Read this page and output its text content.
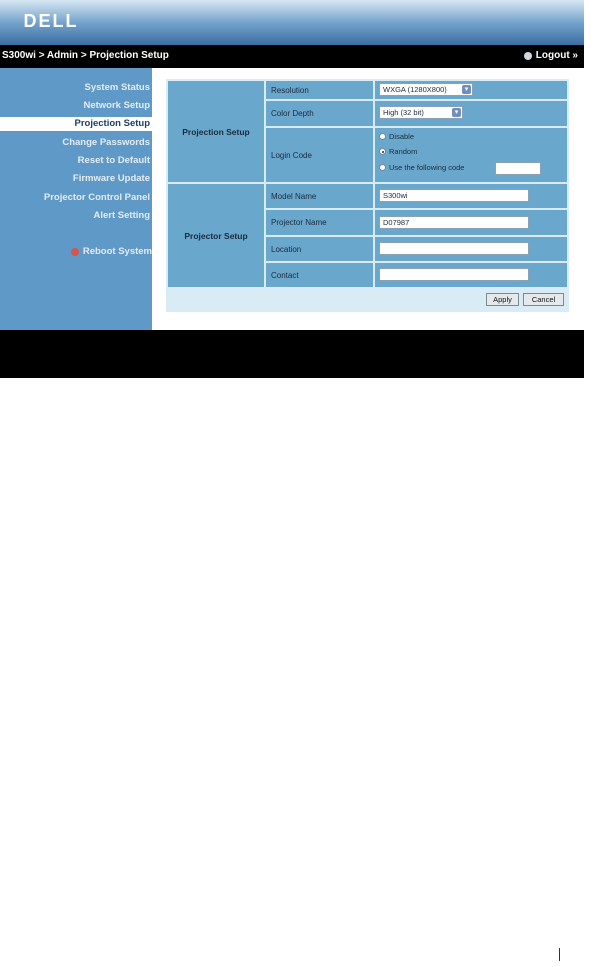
DELL
S300wi > Admin > Projection Setup	Logout »
System Status
Network Setup
Projection Setup
Change Passwords
Reset to Default
Firmware Update
Projector Control Panel
Alert Setting
Reboot System
Projection Setup
Resolution	WXGA (1280X800)	▾
Color Depth	High (32 bit)	▾
Login Code
Disable
Random
Use the following code
Projector Setup
Model Name	S300wi
Projector Name	D07987
Location
Contact
Apply	Cancel
